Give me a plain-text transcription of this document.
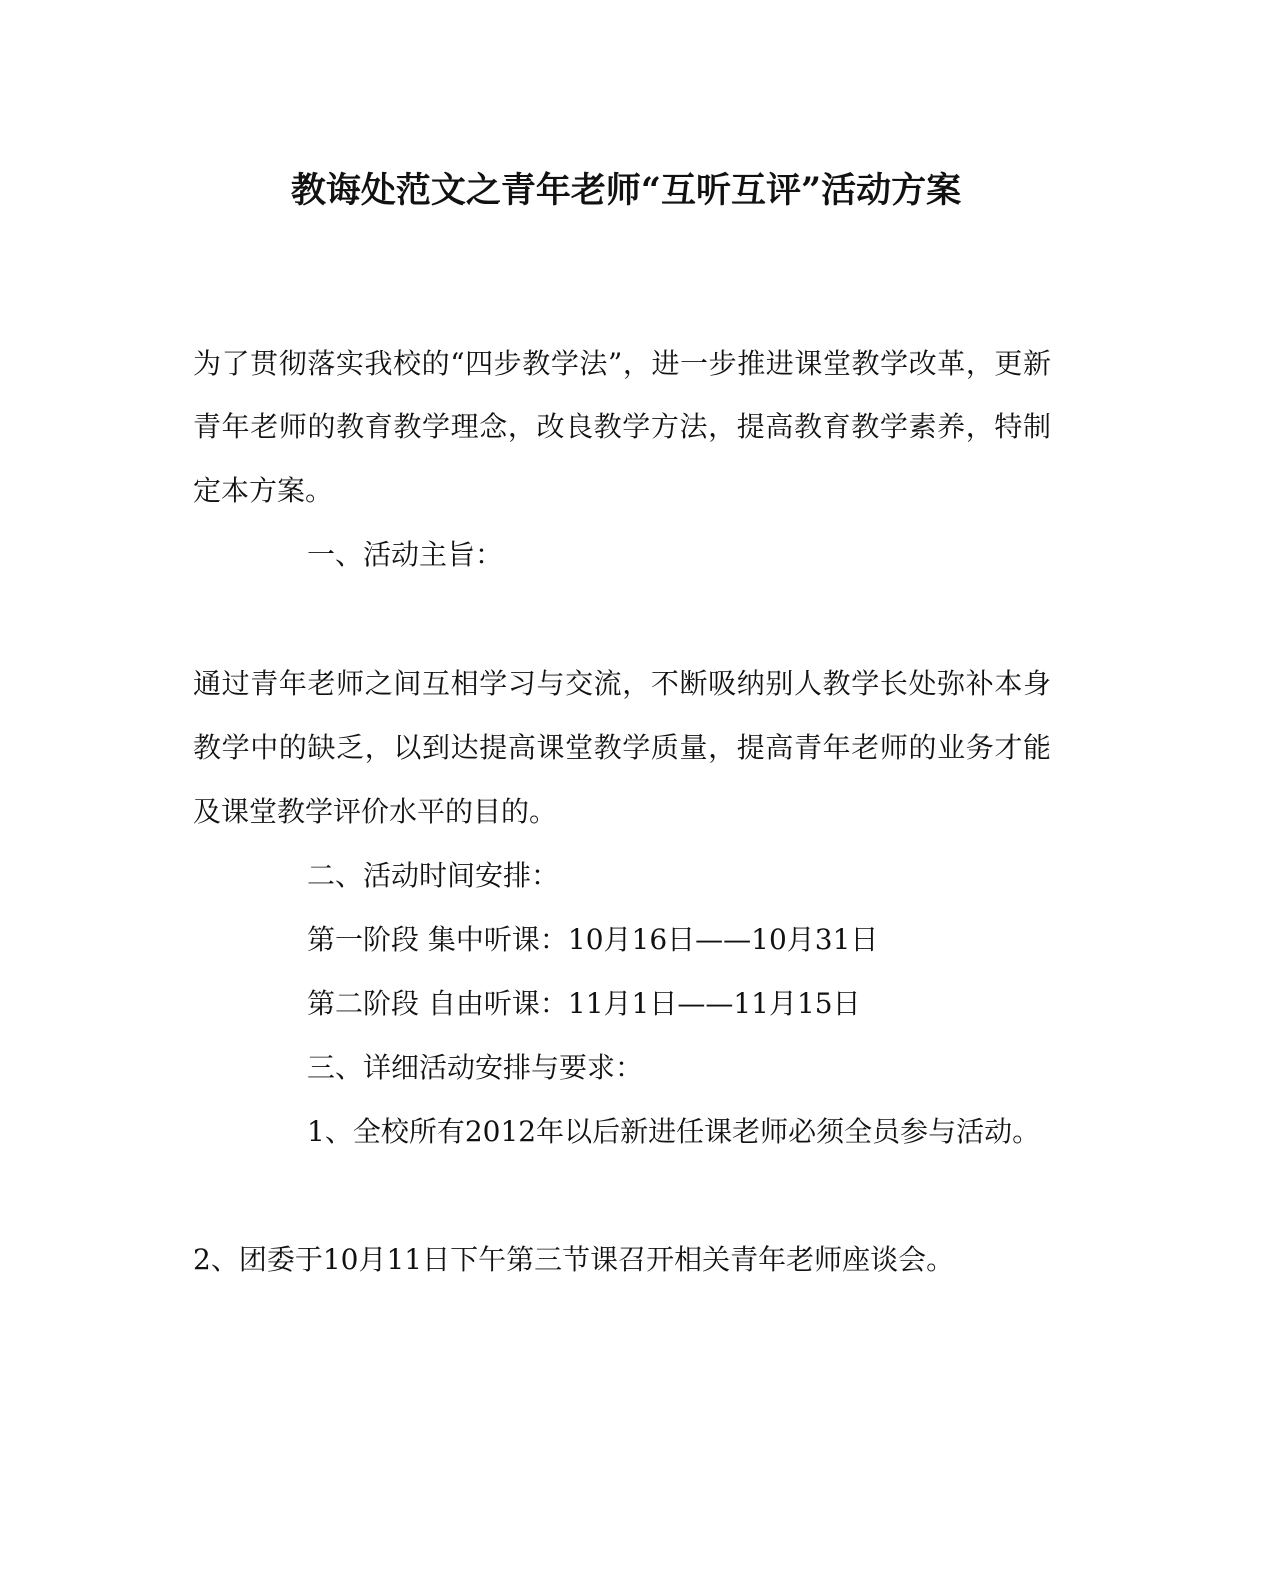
教诲处范文之青年老师“互听互评”活动方案
为了贯彻落实我校的“四步教学法”，进一步推进课堂教学改革，更新
青年老师的教育教学理念，改良教学方法，提高教育教学素养，特制
定本方案。
一、活动主旨：
通过青年老师之间互相学习与交流，不断吸纳别人教学长处弥补本身
教学中的缺乏，以到达提高课堂教学质量，提高青年老师的业务才能
及课堂教学评价水平的目的。
二、活动时间安排：
第一阶段 集中听课：10月16日——10月31日
第二阶段 自由听课：11月1日——11月15日
三、详细活动安排与要求：
1、全校所有2012年以后新进任课老师必须全员参与活动。
2、团委于10月11日下午第三节课召开相关青年老师座谈会。
